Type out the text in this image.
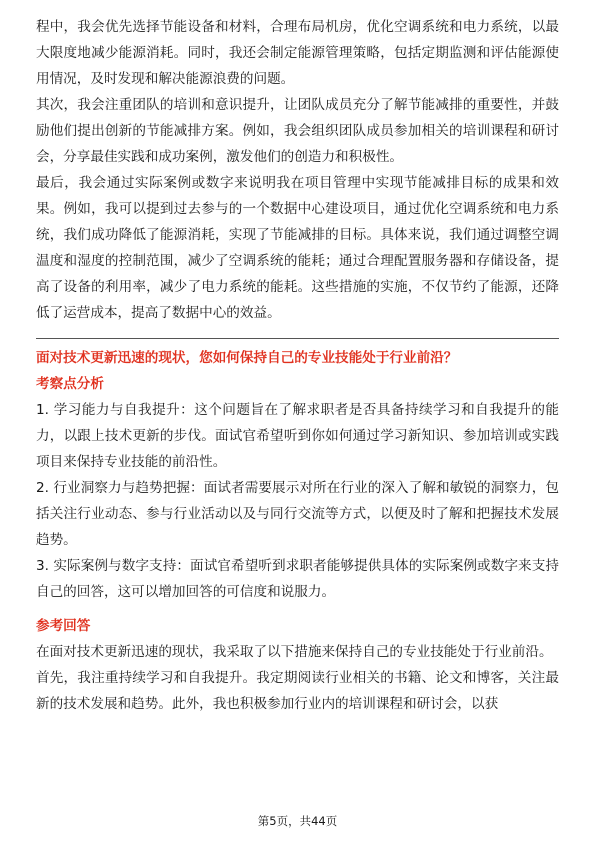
程中，我会优先选择节能设备和材料，合理布局机房，优化空调系统和电力系统，以最大限度地减少能源消耗。同时，我还会制定能源管理策略，包括定期监测和评估能源使用情况，及时发现和解决能源浪费的问题。

其次，我会注重团队的培训和意识提升，让团队成员充分了解节能减排的重要性，并鼓励他们提出创新的节能减排方案。例如，我会组织团队成员参加相关的培训课程和研讨会，分享最佳实践和成功案例，激发他们的创造力和积极性。

最后，我会通过实际案例或数字来说明我在项目管理中实现节能减排目标的成果和效果。例如，我可以提到过去参与的一个数据中心建设项目，通过优化空调系统和电力系统，我们成功降低了能源消耗，实现了节能减排的目标。具体来说，我们通过调整空调温度和湿度的控制范围，减少了空调系统的能耗；通过合理配置服务器和存储设备，提高了设备的利用率，减少了电力系统的能耗。这些措施的实施，不仅节约了能源，还降低了运营成本，提高了数据中心的效益。

面对技术更新迅速的现状，您如何保持自己的专业技能处于行业前沿？
考察点分析

1. 学习能力与自我提升：这个问题旨在了解求职者是否具备持续学习和自我提升的能力，以跟上技术更新的步伐。面试官希望听到你如何通过学习新知识、参加培训或实践项目来保持专业技能的前沿性。

2. 行业洞察力与趋势把握：面试者需要展示对所在行业的深入了解和敏锐的洞察力，包括关注行业动态、参与行业活动以及与同行交流等方式，以便及时了解和把握技术发展趋势。

3. 实际案例与数字支持：面试官希望听到求职者能够提供具体的实际案例或数字来支持自己的回答，这可以增加回答的可信度和说服力。

参考回答

在面对技术更新迅速的现状，我采取了以下措施来保持自己的专业技能处于行业前沿。

首先，我注重持续学习和自我提升。我定期阅读行业相关的书籍、论文和博客，关注最新的技术发展和趋势。此外，我也积极参加行业内的培训课程和研讨会，以获

第5页，共44页
